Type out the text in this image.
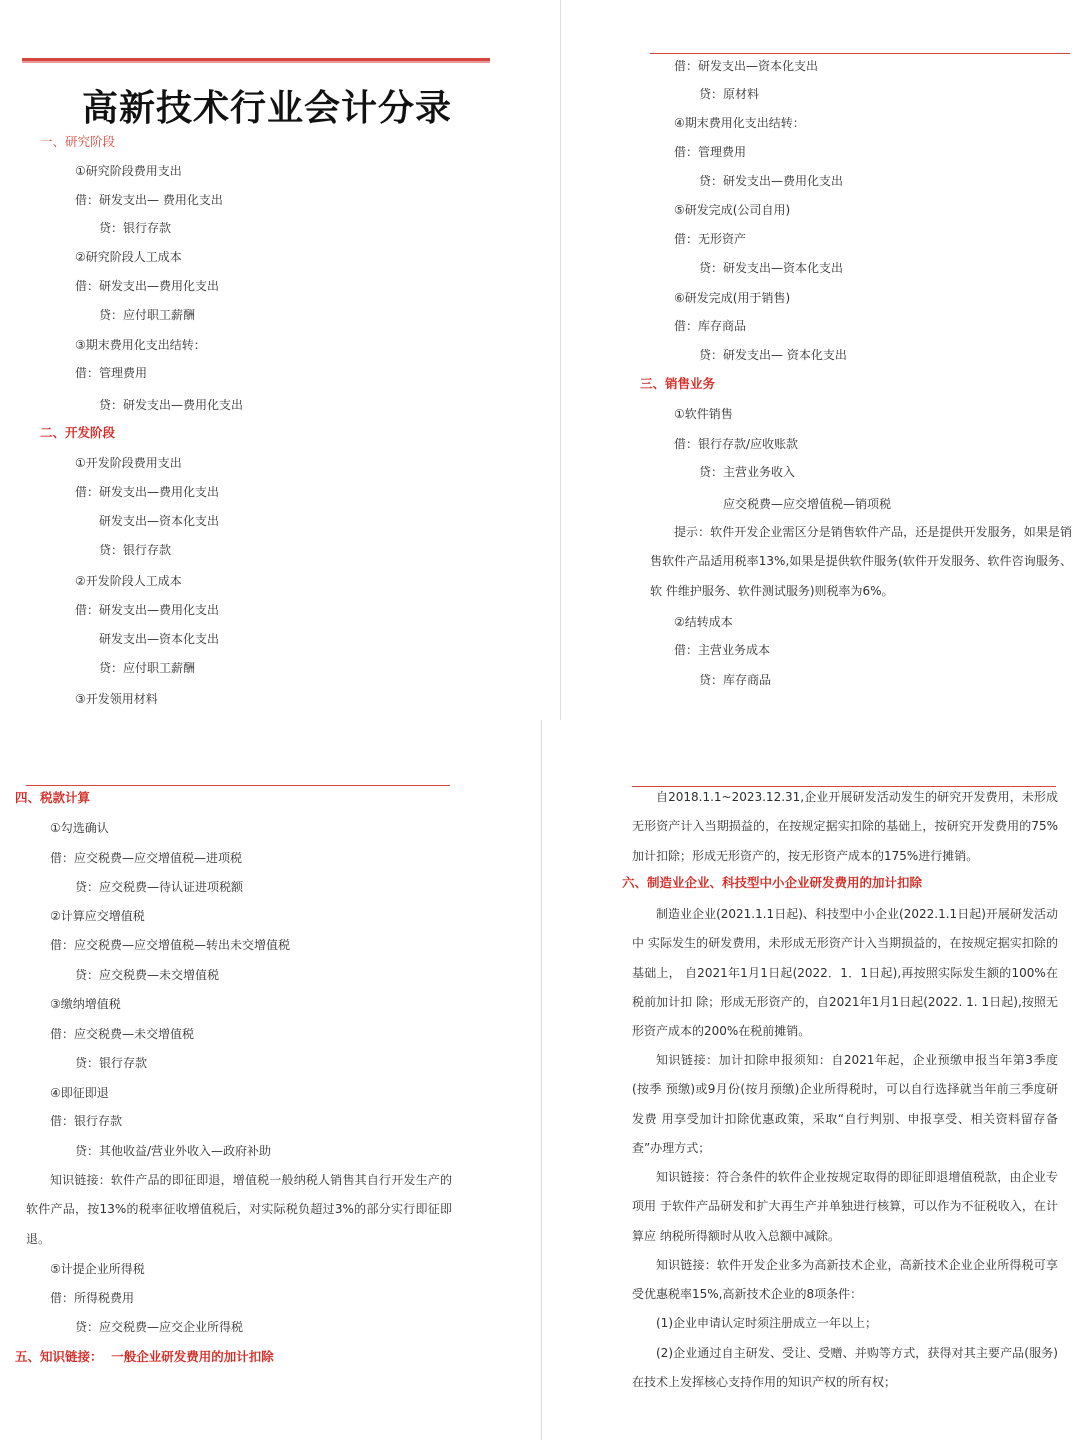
高新技术行业会计分录
一、研究阶段
①研究阶段费用支出
借：研发支出— 费用化支出
贷：银行存款
②研究阶段人工成本
借：研发支出—费用化支出
贷：应付职工薪酬
③期末费用化支出结转：
借：管理费用
贷：研发支出—费用化支出
二、开发阶段
①开发阶段费用支出
借：研发支出—费用化支出
研发支出—资本化支出
贷：银行存款
②开发阶段人工成本
借：研发支出—费用化支出
研发支出—资本化支出
贷：应付职工薪酬
③开发领用材料
借：研发支出—资本化支出
贷：原材料
④期末费用化支出结转：
借：管理费用
贷：研发支出—费用化支出
⑤研发完成(公司自用)
借：无形资产
贷：研发支出—资本化支出
⑥研发完成(用于销售)
借：库存商品
贷：研发支出— 资本化支出
三、销售业务
①软件销售
借：银行存款/应收账款
贷：主营业务收入
应交税费—应交增值税—销项税
提示：软件开发企业需区分是销售软件产品，还是提供开发服务，如果是销售软件产品适用税率13%,如果是提供软件服务(软件开发服务、软件咨询服务、软 件维护服务、软件测试服务)则税率为6%。
②结转成本
借：主营业务成本
贷：库存商品
四、税款计算
①勾选确认
借：应交税费—应交增值税—进项税
贷：应交税费—待认证进项税额
②计算应交增值税
借：应交税费—应交增值税—转出未交增值税
贷：应交税费—未交增值税
③缴纳增值税
借：应交税费—未交增值税
贷：银行存款
④即征即退
借：银行存款
贷：其他收益/营业外收入—政府补助
知识链接：软件产品的即征即退，增值税一般纳税人销售其自行开发生产的软件产品，按13%的税率征收增值税后，对实际税负超过3%的部分实行即征即退。
⑤计提企业所得税
借：所得税费用
贷：应交税费—应交企业所得税
五、知识链接：  一般企业研发费用的加计扣除
自2018.1.1~2023.12.31,企业开展研发活动发生的研究开发费用，未形成无形资产计入当期损益的，在按规定据实扣除的基础上，按研究开发费用的75%加计扣除；形成无形资产的，按无形资产成本的175%进行摊销。
六、制造业企业、科技型中小企业研发费用的加计扣除
制造业企业(2021.1.1日起)、科技型中小企业(2022.1.1日起)开展研发活动中 实际发生的研发费用，未形成无形资产计入当期损益的，在按规定据实扣除的基础上， 自2021年1月1日起(2022．1．1日起),再按照实际发生额的100%在税前加计扣 除；形成无形资产的，自2021年1月1日起(2022. 1. 1日起),按照无形资产成本的200%在税前摊销。
知识链接：加计扣除申报须知：自2021年起，企业预缴申报当年第3季度(按季 预缴)或9月份(按月预缴)企业所得税时，可以自行选择就当年前三季度研发费 用享受加计扣除优惠政策，采取“自行判别、申报享受、相关资料留存备查”办理方式；
知识链接：符合条件的软件企业按规定取得的即征即退增值税款，由企业专项用 于软件产品研发和扩大再生产并单独进行核算，可以作为不征税收入，在计算应 纳税所得额时从收入总额中减除。
知识链接：软件开发企业多为高新技术企业，高新技术企业企业所得税可享受优惠税率15%,高新技术企业的8项条件：
(1)企业申请认定时须注册成立一年以上；
(2)企业通过自主研发、受让、受赠、并购等方式，获得对其主要产品(服务)在技术上发挥核心支持作用的知识产权的所有权；
